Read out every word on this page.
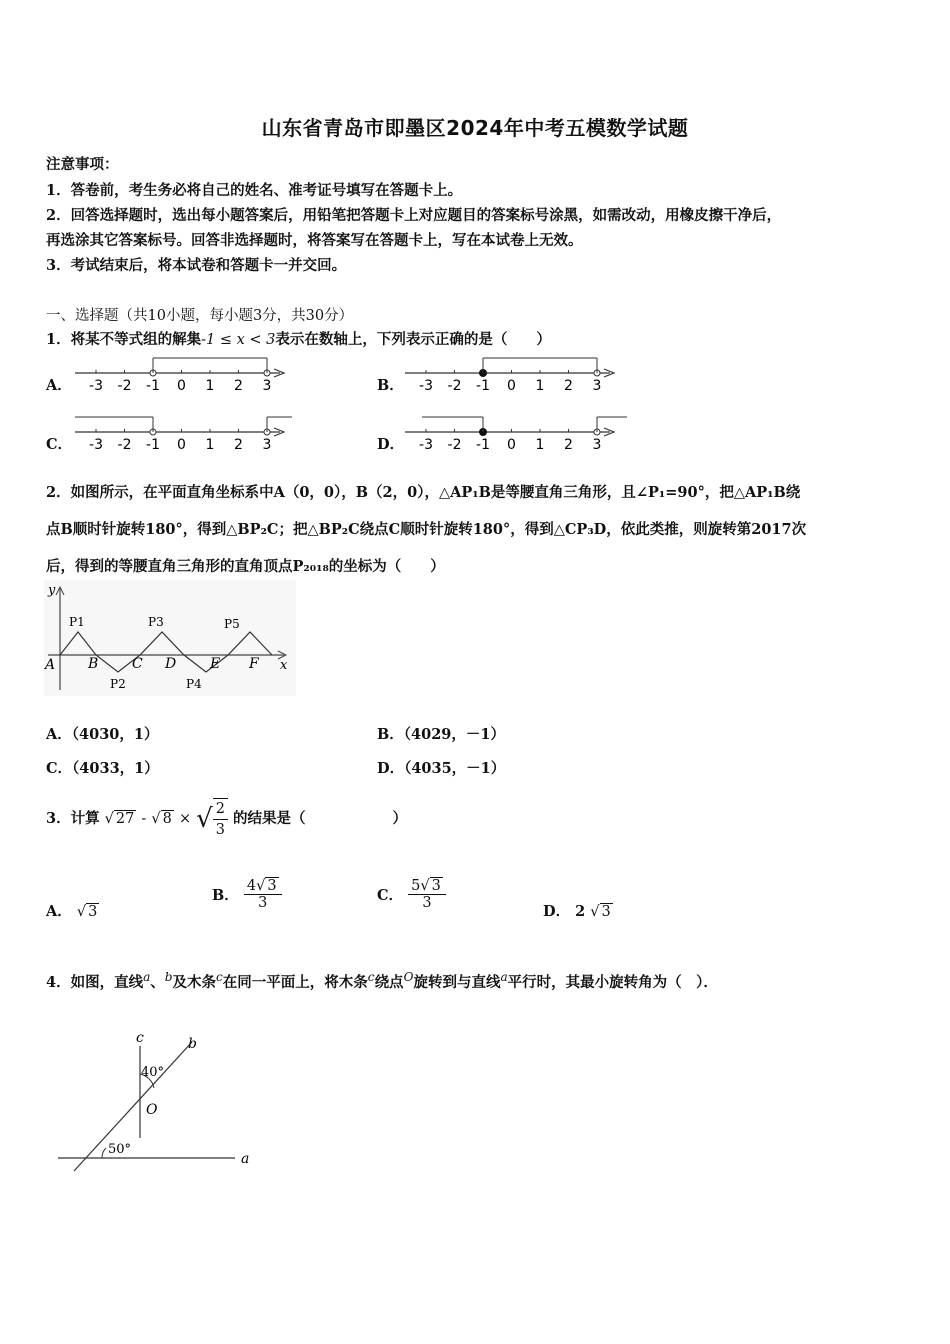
山东省青岛市即墨区2024年中考五模数学试题
注意事项：
1．答卷前，考生务必将自己的姓名、准考证号填写在答题卡上。
2．回答选择题时，选出每小题答案后，用铅笔把答题卡上对应题目的答案标号涂黑，如需改动，用橡皮擦干净后，
再选涂其它答案标号。回答非选择题时，将答案写在答题卡上，写在本试卷上无效。
3．考试结束后，将本试卷和答题卡一并交回。
一、选择题（共10小题，每小题3分，共30分）
1．将某不等式组的解集-1 ≤ x < 3表示在数轴上，下列表示正确的是（　　）
A． -3 -2 -1 0 1 2 3	B． -3 -2 -1 0 1 2 3
C． -3 -2 -1 0 1 2 3	D． -3 -2 -1 0 1 2 3
2．如图所示，在平面直角坐标系中A（0，0），B（2，0），△AP₁B是等腰直角三角形，且∠P₁=90°，把△AP₁B绕
点B顺时针旋转180°，得到△BP₂C；把△BP₂C绕点C顺时针旋转180°，得到△CP₃D，依此类推，则旋转第2017次
后，得到的等腰直角三角形的直角顶点P₂₀₁₈的坐标为（　　）
y
x
A B C D E F
P1	P3	P5
P2	P4
A．（4030，1）	B．（4029，－1）
C．（4033，1）	D．（4035，－1）
3．计算 √ 27 - √ 8 × √ $\frac{2}{3}$ 的结果是（　　　　　　）
A． √ 3
B． $\frac{4√ 3}{3}$	C． $\frac{5√ 3}{3}$
D． 2 √ 3
4．如图，直线$^a$、$^b$及木条$^c$在同一平面上，将木条$^c$绕点$^O$旋转到与直线$^a$平行时，其最小旋转角为（　）．
c	b
a
O
40°
50°
